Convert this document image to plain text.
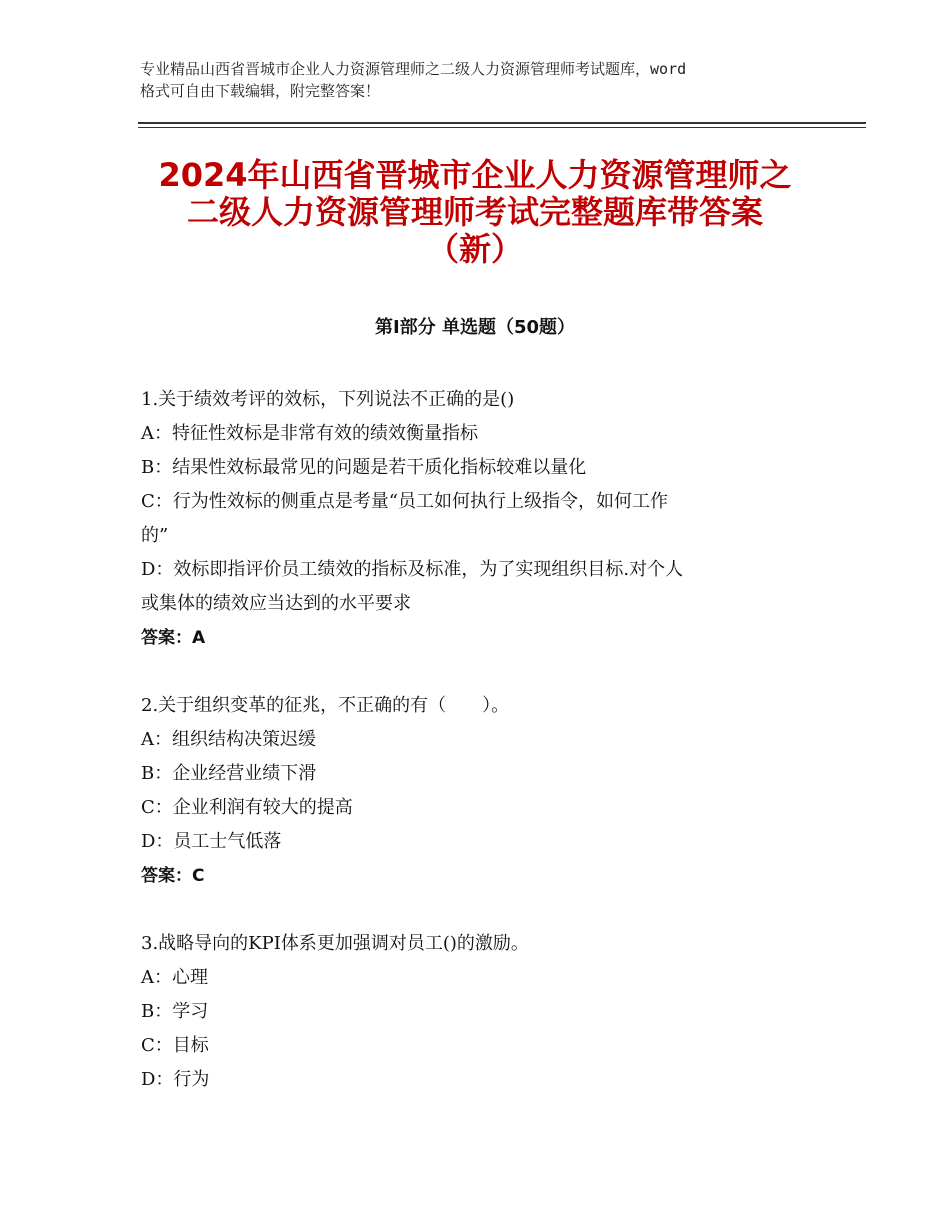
专业精品山西省晋城市企业人力资源管理师之二级人力资源管理师考试题库，word
格式可自由下载编辑，附完整答案！
2024年山西省晋城市企业人力资源管理师之
二级人力资源管理师考试完整题库带答案
（新）
第Ⅰ部分 单选题（50题）
1.关于绩效考评的效标，下列说法不正确的是()
A：特征性效标是非常有效的绩效衡量指标
B：结果性效标最常见的问题是若干质化指标较难以量化
C：行为性效标的侧重点是考量“员工如何执行上级指令，如何工作
的”
D：效标即指评价员工绩效的指标及标准，为了实现组织目标.对个人
或集体的绩效应当达到的水平要求
答案：A
2.关于组织变革的征兆，不正确的有（　　）。
A：组织结构决策迟缓
B：企业经营业绩下滑
C：企业利润有较大的提高
D：员工士气低落
答案：C
3.战略导向的KPI体系更加强调对员工()的激励。
A：心理
B：学习
C：目标
D：行为
